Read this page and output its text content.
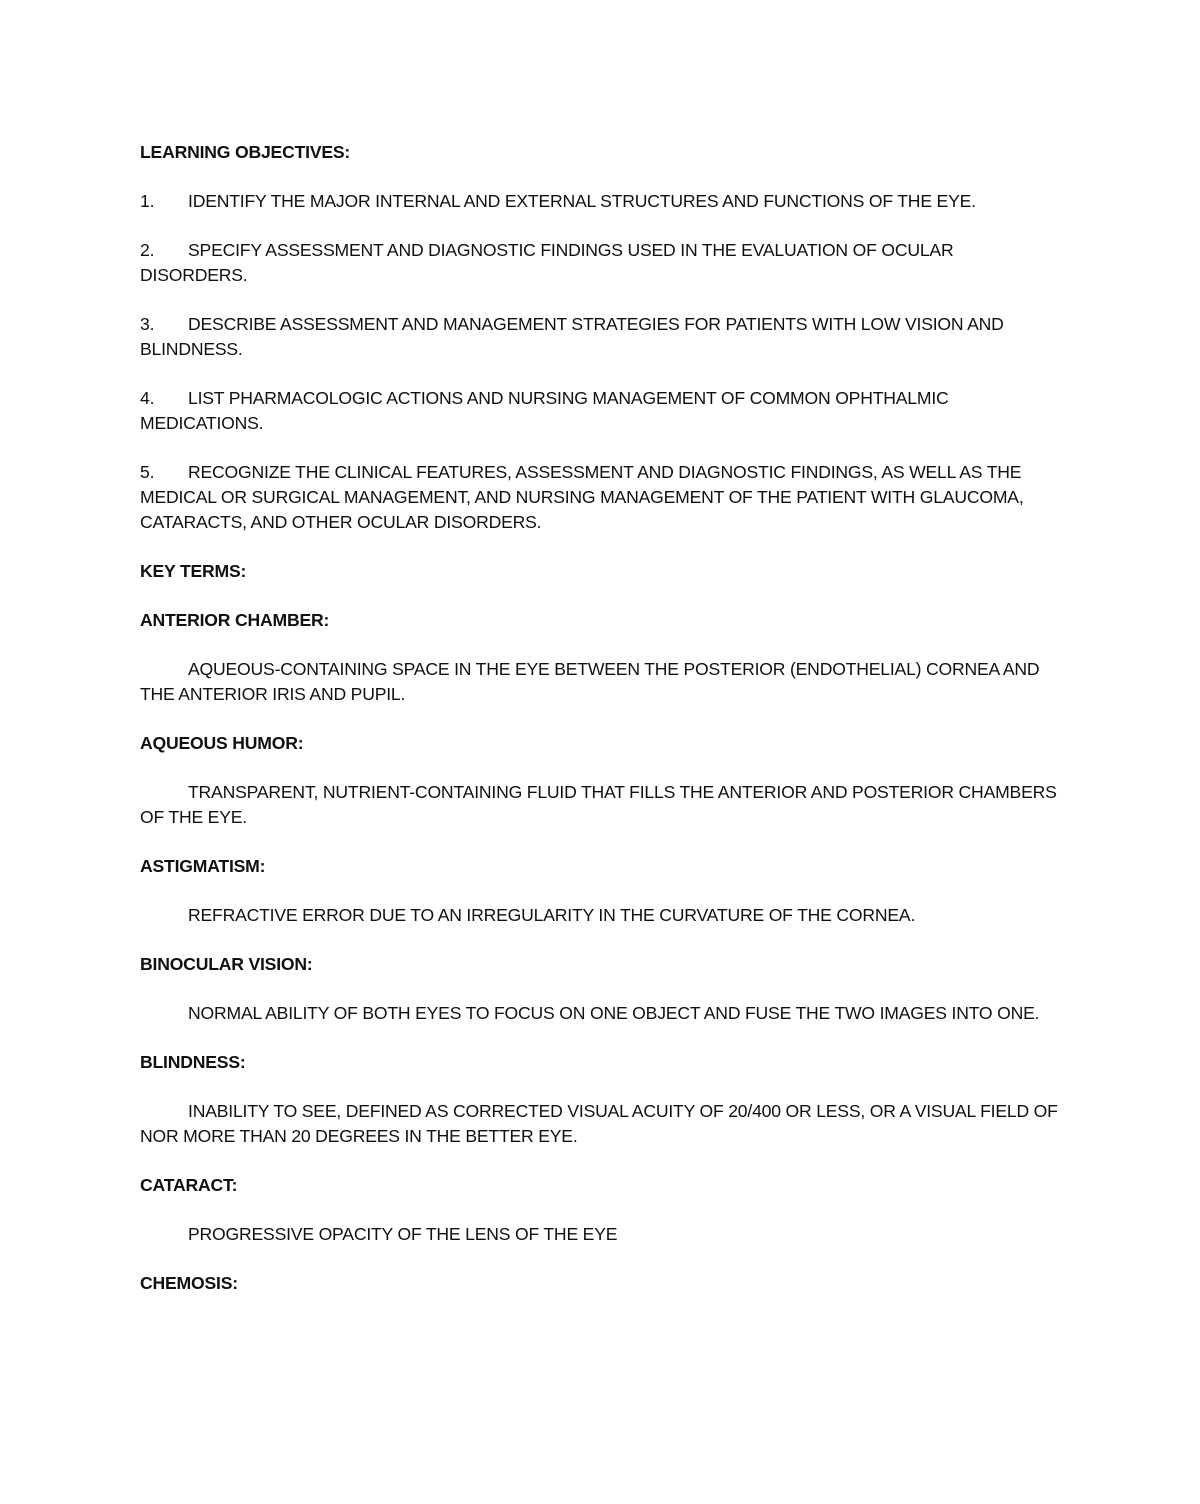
LEARNING OBJECTIVES:
1. IDENTIFY THE MAJOR INTERNAL AND EXTERNAL STRUCTURES AND FUNCTIONS OF THE EYE.
2. SPECIFY ASSESSMENT AND DIAGNOSTIC FINDINGS USED IN THE EVALUATION OF OCULAR DISORDERS.
3. DESCRIBE ASSESSMENT AND MANAGEMENT STRATEGIES FOR PATIENTS WITH LOW VISION AND BLINDNESS.
4. LIST PHARMACOLOGIC ACTIONS AND NURSING MANAGEMENT OF COMMON OPHTHALMIC MEDICATIONS.
5. RECOGNIZE THE CLINICAL FEATURES, ASSESSMENT AND DIAGNOSTIC FINDINGS, AS WELL AS THE MEDICAL OR SURGICAL MANAGEMENT, AND NURSING MANAGEMENT OF THE PATIENT WITH GLAUCOMA, CATARACTS, AND OTHER OCULAR DISORDERS.
KEY TERMS:
ANTERIOR CHAMBER:
AQUEOUS-CONTAINING SPACE IN THE EYE BETWEEN THE POSTERIOR (ENDOTHELIAL) CORNEA AND THE ANTERIOR IRIS AND PUPIL.
AQUEOUS HUMOR:
TRANSPARENT, NUTRIENT-CONTAINING FLUID THAT FILLS THE ANTERIOR AND POSTERIOR CHAMBERS OF THE EYE.
ASTIGMATISM:
REFRACTIVE ERROR DUE TO AN IRREGULARITY IN THE CURVATURE OF THE CORNEA.
BINOCULAR VISION:
NORMAL ABILITY OF BOTH EYES TO FOCUS ON ONE OBJECT AND FUSE THE TWO IMAGES INTO ONE.
BLINDNESS:
INABILITY TO SEE, DEFINED AS CORRECTED VISUAL ACUITY OF 20/400 OR LESS, OR A VISUAL FIELD OF NOR MORE THAN 20 DEGREES IN THE BETTER EYE.
CATARACT:
PROGRESSIVE OPACITY OF THE LENS OF THE EYE
CHEMOSIS:
